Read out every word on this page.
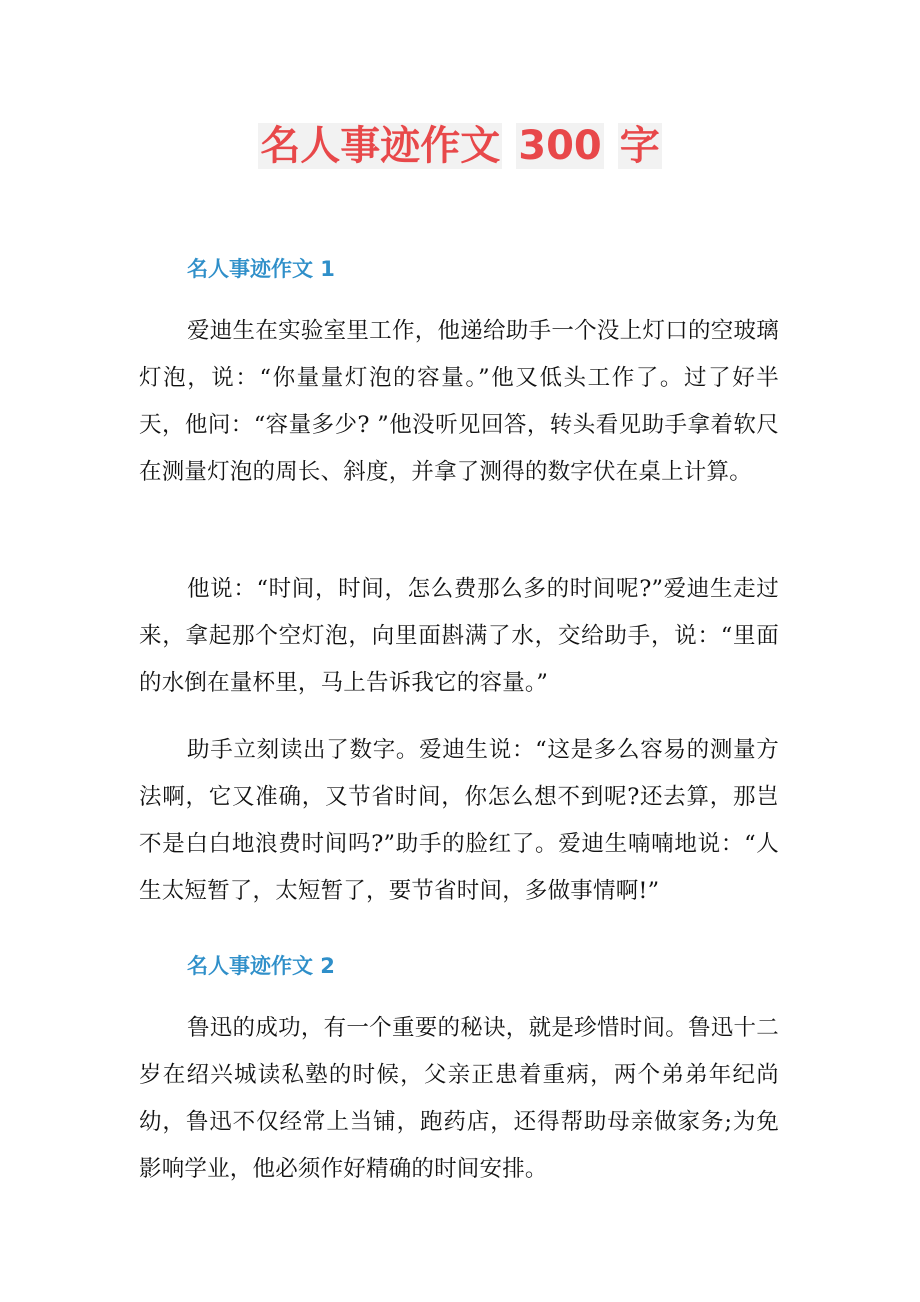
名人事迹作文 300 字
名人事迹作文 1
爱迪生在实验室里工作，他递给助手一个没上灯口的空玻璃灯泡，说：“你量量灯泡的容量。”他又低头工作了。过了好半天，他问：“容量多少? ”他没听见回答，转头看见助手拿着软尺在测量灯泡的周长、斜度，并拿了测得的数字伏在桌上计算。
他说：“时间，时间，怎么费那么多的时间呢?”爱迪生走过来，拿起那个空灯泡，向里面斟满了水，交给助手，说：“里面的水倒在量杯里，马上告诉我它的容量。”
助手立刻读出了数字。爱迪生说：“这是多么容易的测量方法啊，它又准确，又节省时间，你怎么想不到呢?还去算，那岂不是白白地浪费时间吗?”助手的脸红了。爱迪生喃喃地说：“人生太短暂了，太短暂了，要节省时间，多做事情啊!”
名人事迹作文 2
鲁迅的成功，有一个重要的秘诀，就是珍惜时间。鲁迅十二岁在绍兴城读私塾的时候，父亲正患着重病，两个弟弟年纪尚幼，鲁迅不仅经常上当铺，跑药店，还得帮助母亲做家务;为免影响学业，他必须作好精确的时间安排。
